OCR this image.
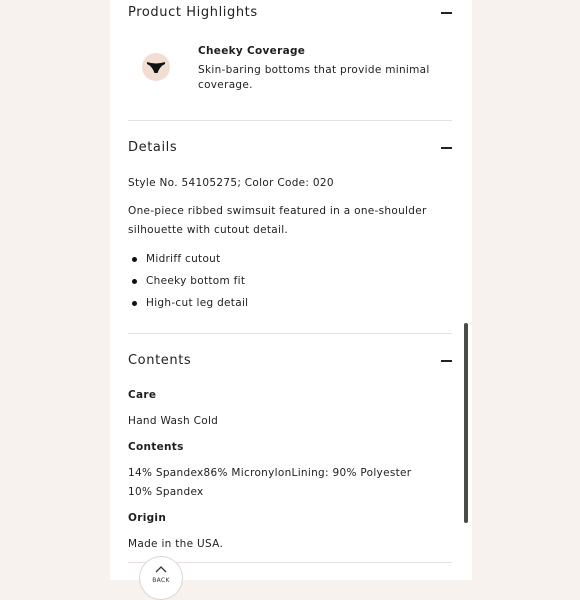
Product Highlights
Cheeky Coverage
Skin-baring bottoms that provide minimal coverage.
Details
Style No. 54105275; Color Code: 020
One-piece ribbed swimsuit featured in a one-shoulder silhouette with cutout detail.
Midriff cutout
Cheeky bottom fit
High-cut leg detail
Contents
Care
Hand Wash Cold
Contents
14% Spandex86% MicronylonLining: 90% Polyester 10% Spandex
Origin
Made in the USA.
BACK
